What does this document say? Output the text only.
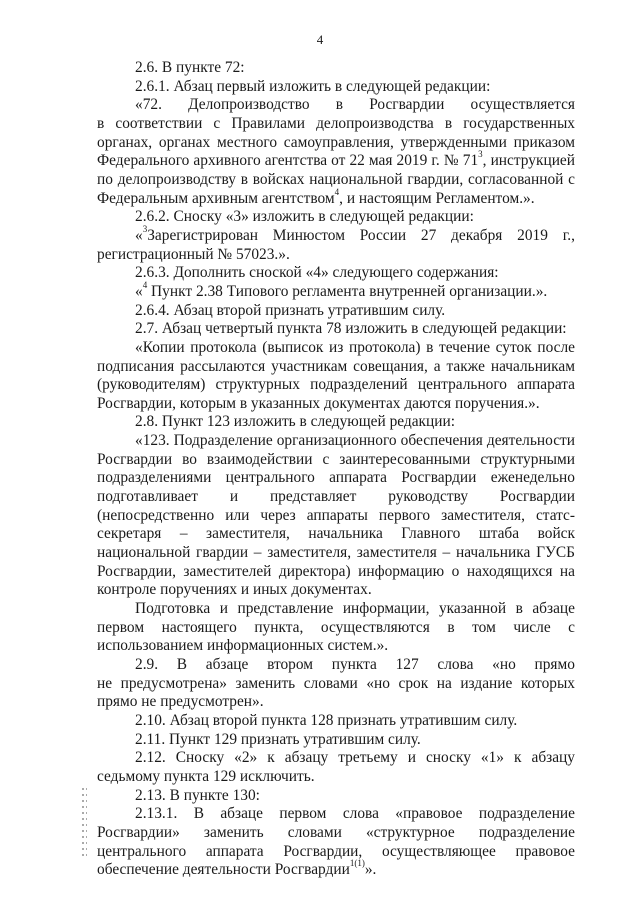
4

2.6. В пункте 72:

2.6.1. Абзац первый изложить в следующей редакции:

«72. Делопроизводство в Росгвардии осуществляется
в соответствии с Правилами делопроизводства в государственных органах, органах местного самоуправления, утвержденными приказом Федерального архивного агентства от 22 мая 2019 г. № $71^3$, инструкцией по делопроизводству в войсках национальной гвардии, согласованной с Федеральным архивным агентством$^4$, и настоящим Регламентом.».

2.6.2. Сноску «3» изложить в следующей редакции:

«$^3$Зарегистрирован Минюстом России 27 декабря 2019 г., регистрационный № 57023.».

2.6.3. Дополнить сноской «4» следующего содержания:

«$^4$ Пункт 2.38 Типового регламента внутренней организации.».

2.6.4. Абзац второй признать утратившим силу.

2.7. Абзац четвертый пункта 78 изложить в следующей редакции:

«Копии протокола (выписок из протокола) в течение суток после подписания рассылаются участникам совещания, а также начальникам (руководителям) структурных подразделений центрального аппарата Росгвардии, которым в указанных документах даются поручения.».

2.8. Пункт 123 изложить в следующей редакции:

«123. Подразделение организационного обеспечения деятельности Росгвардии во взаимодействии с заинтересованными структурными подразделениями центрального аппарата Росгвардии еженедельно подготавливает и представляет руководству Росгвардии (непосредственно или через аппараты первого заместителя, статс-секретаря – заместителя, начальника Главного штаба войск национальной гвардии – заместителя, заместителя – начальника ГУСБ Росгвардии, заместителей директора) информацию о находящихся на контроле поручениях и иных документах.

Подготовка и представление информации, указанной в абзаце первом настоящего пункта, осуществляются в том числе с использованием информационных систем.».

2.9. В абзаце втором пункта 127 слова «но прямо
не предусмотрена» заменить словами «но срок на издание которых прямо не предусмотрен».

2.10. Абзац второй пункта 128 признать утратившим силу.

2.11. Пункт 129 признать утратившим силу.

2.12. Сноску «2» к абзацу третьему и сноску «1» к абзацу седьмому пункта 129 исключить.

2.13. В пункте 130:

2.13.1. В абзаце первом слова «правовое подразделение
Росгвардии» заменить словами «структурное подразделение центрального аппарата Росгвардии, осуществляющее правовое обеспечение деятельности Росгвардии$^{1(1)}$».
